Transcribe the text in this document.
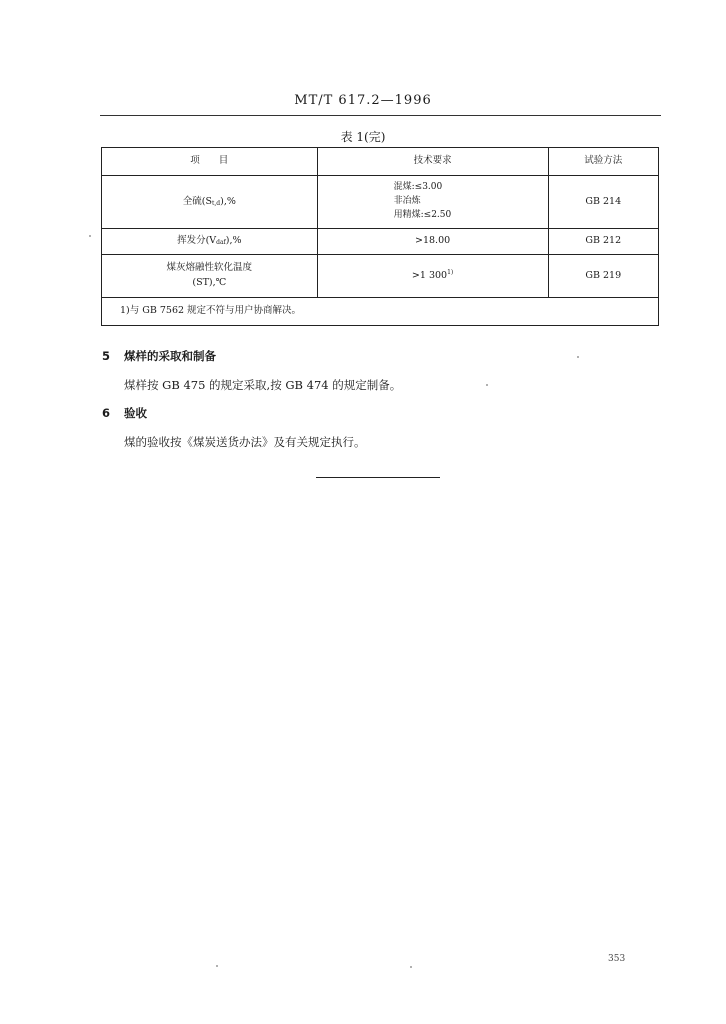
MT/T 617.2—1996
表 1(完)
项　　目	技术要求	试验方法
全硫(St,d),%	混煤:≤3.00
非冶炼
用精煤:≤2.50	GB 214
挥发分(Vdaf),%	>18.00	GB 212

煤灰熔融性软化温度
(ST),℃	>1 300$^{1)}$	GB 219
1)与 GB 7562 规定不符与用户协商解决。		
5 煤样的采取和制备
煤样按 GB 475 的规定采取,按 GB 474 的规定制备。
6 验收
煤的验收按《煤炭送货办法》及有关规定执行。
353
